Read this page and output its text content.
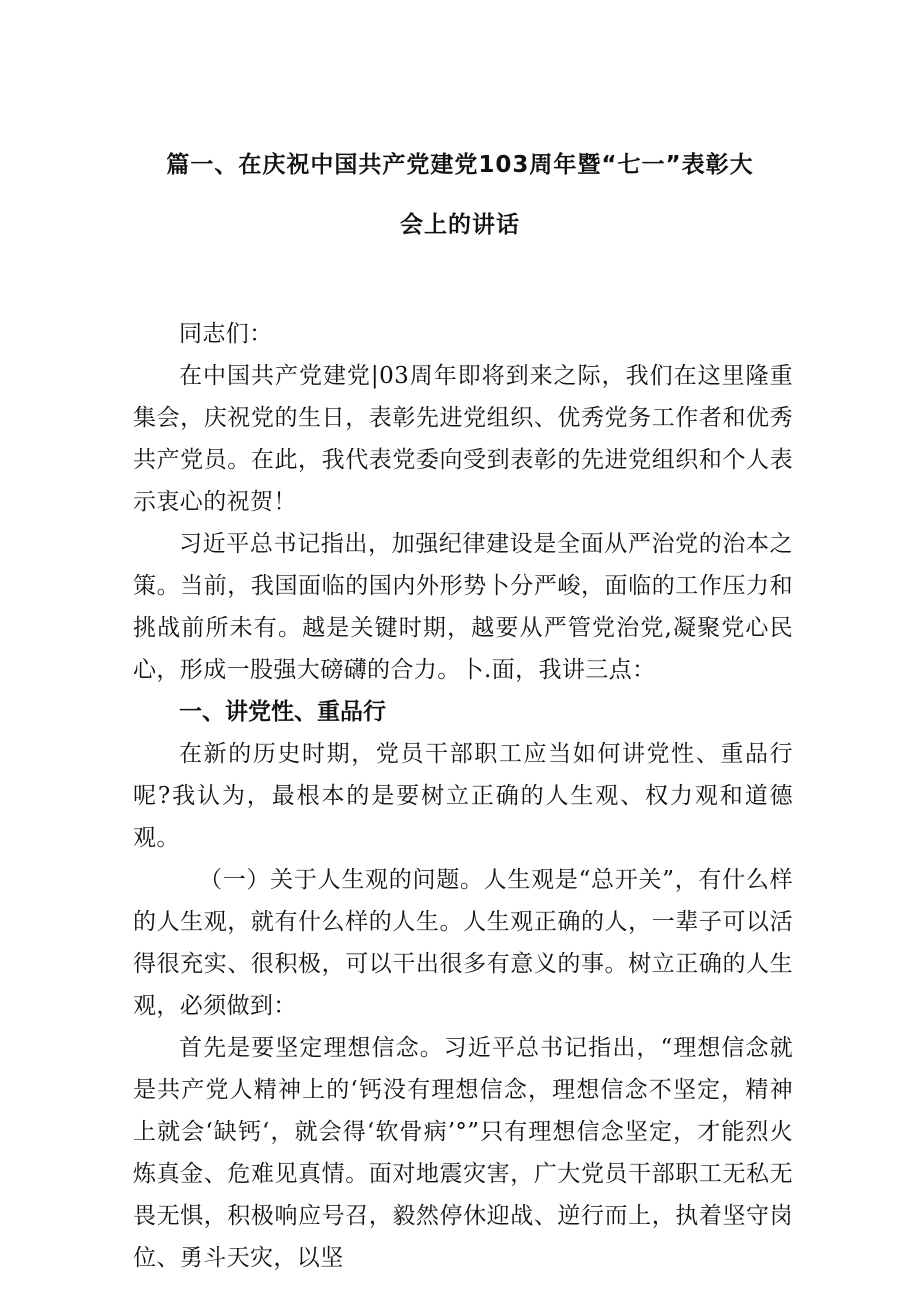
篇一、在庆祝中国共产党建党103周年暨“七一”表彰大
会上的讲话

同志们：

在中国共产党建党|03周年即将到来之际，我们在这里隆重集会，庆祝党的生日，表彰先进党组织、优秀党务工作者和优秀共产党员。在此，我代表党委向受到表彰的先进党组织和个人表示衷心的祝贺！

习近平总书记指出，加强纪律建设是全面从严治党的治本之策。当前，我国面临的国内外形势卜分严峻，面临的工作压力和挑战前所未有。越是关键时期，越要从严管党治党,凝聚党心民心，形成一股强大磅礴的合力。卜.面，我讲三点：

一、讲党性、重品行

在新的历史时期，党员干部职工应当如何讲党性、重品行呢?我认为，最根本的是要树立正确的人生观、权力观和道德观。

（一）关于人生观的问题。人生观是“总开关”，有什么样的人生观，就有什么样的人生。人生观正确的人，一辈子可以活得很充实、很积极，可以干出很多有意义的事。树立正确的人生观，必须做到：

首先是要坚定理想信念。习近平总书记指出，“理想信念就是共产党人精神上的‘钙没有理想信念，理想信念不坚定，精神上就会‘缺钙‘，就会得‘软骨病’°”只有理想信念坚定，才能烈火炼真金、危难见真情。面对地震灾害，广大党员干部职工无私无畏无惧，积极响应号召，毅然停休迎战、逆行而上，执着坚守岗位、勇斗天灾，以坚
